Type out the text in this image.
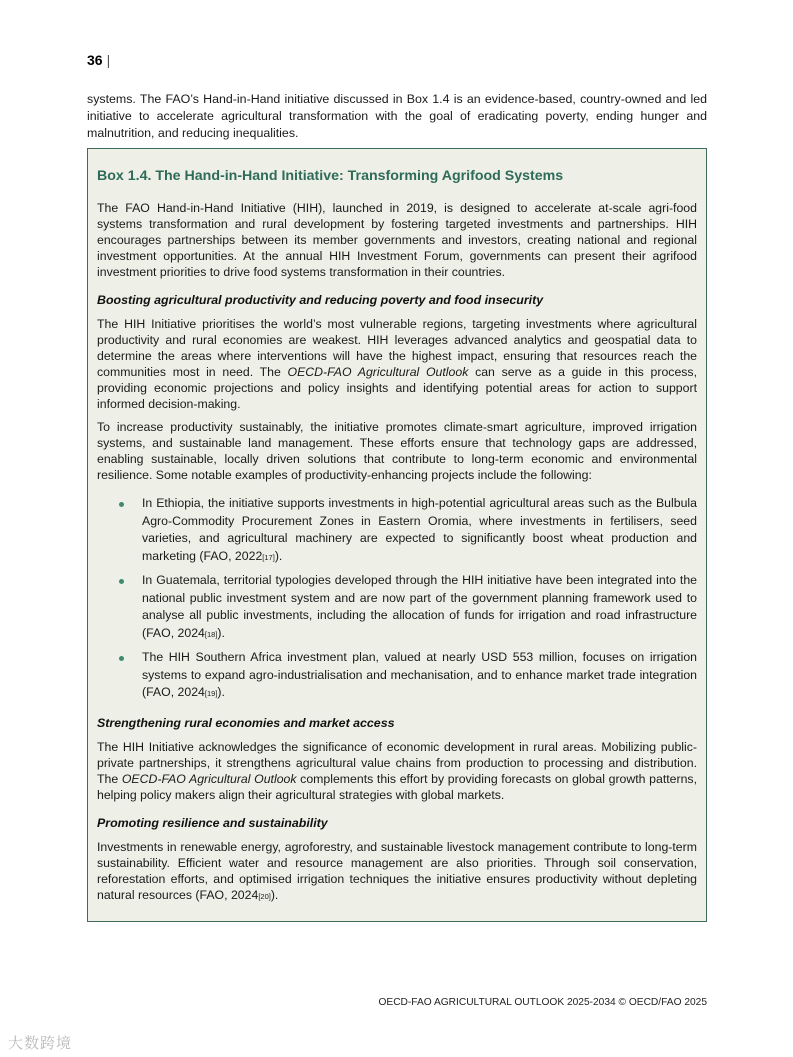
36 |

systems. The FAO’s Hand-in-Hand initiative discussed in Box 1.4 is an evidence-based, country-owned and led initiative to accelerate agricultural transformation with the goal of eradicating poverty, ending hunger and malnutrition, and reducing inequalities.

Box 1.4. The Hand-in-Hand Initiative: Transforming Agrifood Systems

The FAO Hand-in-Hand Initiative (HIH), launched in 2019, is designed to accelerate at-scale agri-food systems transformation and rural development by fostering targeted investments and partnerships. HIH encourages partnerships between its member governments and investors, creating national and regional investment opportunities. At the annual HIH Investment Forum, governments can present their agrifood investment priorities to drive food systems transformation in their countries.

Boosting agricultural productivity and reducing poverty and food insecurity

The HIH Initiative prioritises the world’s most vulnerable regions, targeting investments where agricultural productivity and rural economies are weakest. HIH leverages advanced analytics and geospatial data to determine the areas where interventions will have the highest impact, ensuring that resources reach the communities most in need. The OECD-FAO Agricultural Outlook can serve as a guide in this process, providing economic projections and policy insights and identifying potential areas for action to support informed decision-making.

To increase productivity sustainably, the initiative promotes climate-smart agriculture, improved irrigation systems, and sustainable land management. These efforts ensure that technology gaps are addressed, enabling sustainable, locally driven solutions that contribute to long-term economic and environmental resilience. Some notable examples of productivity-enhancing projects include the following:

In Ethiopia, the initiative supports investments in high-potential agricultural areas such as the Bulbula Agro-Commodity Procurement Zones in Eastern Oromia, where investments in fertilisers, seed varieties, and agricultural machinery are expected to significantly boost wheat production and marketing (FAO, 2022[17]).
In Guatemala, territorial typologies developed through the HIH initiative have been integrated into the national public investment system and are now part of the government planning framework used to analyse all public investments, including the allocation of funds for irrigation and road infrastructure (FAO, 2024[18]).
The HIH Southern Africa investment plan, valued at nearly USD 553 million, focuses on irrigation systems to expand agro-industrialisation and mechanisation, and to enhance market trade integration (FAO, 2024[19]).
Strengthening rural economies and market access

The HIH Initiative acknowledges the significance of economic development in rural areas. Mobilizing public-private partnerships, it strengthens agricultural value chains from production to processing and distribution. The OECD-FAO Agricultural Outlook complements this effort by providing forecasts on global growth patterns, helping policy makers align their agricultural strategies with global markets.

Promoting resilience and sustainability

Investments in renewable energy, agroforestry, and sustainable livestock management contribute to long-term sustainability. Efficient water and resource management are also priorities. Through soil conservation, reforestation efforts, and optimised irrigation techniques the initiative ensures productivity without depleting natural resources (FAO, 2024[20]).

OECD-FAO AGRICULTURAL OUTLOOK 2025-2034 © OECD/FAO 2025
大数跨境
